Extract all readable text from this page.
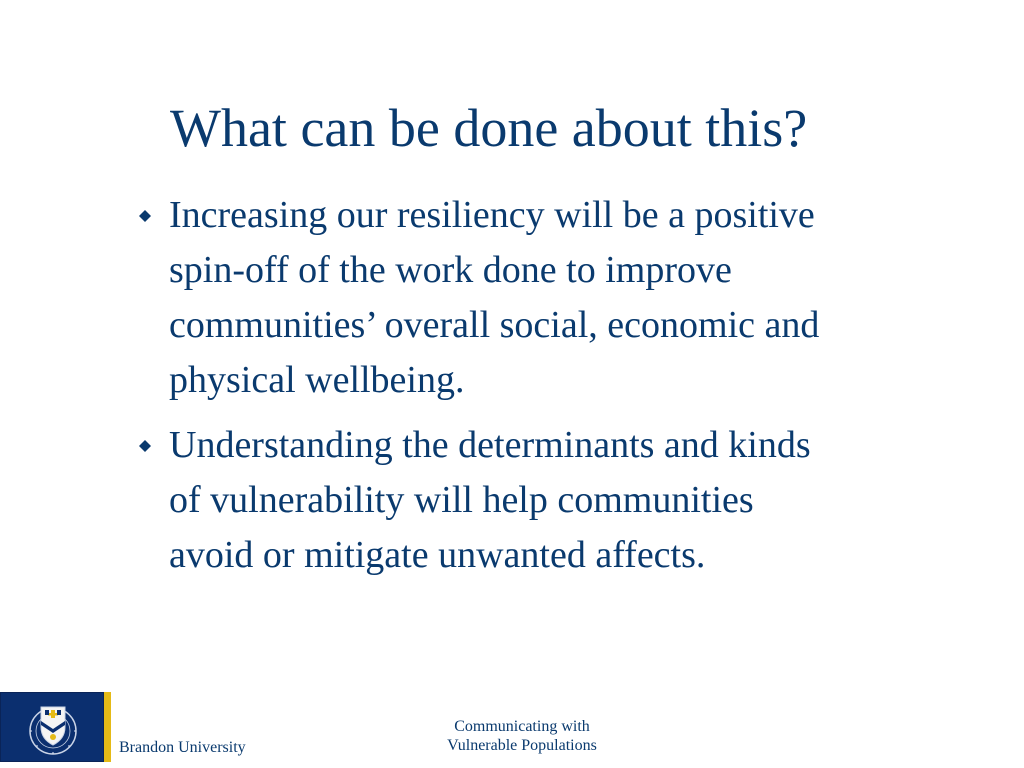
What can be done about this?
Increasing our resiliency will be a positive
spin-off of the work done to improve
communities’ overall social, economic and
physical wellbeing.
Understanding the determinants and kinds
of vulnerability will help communities
avoid or mitigate unwanted affects.
Brandon University
Communicating with
Vulnerable Populations
